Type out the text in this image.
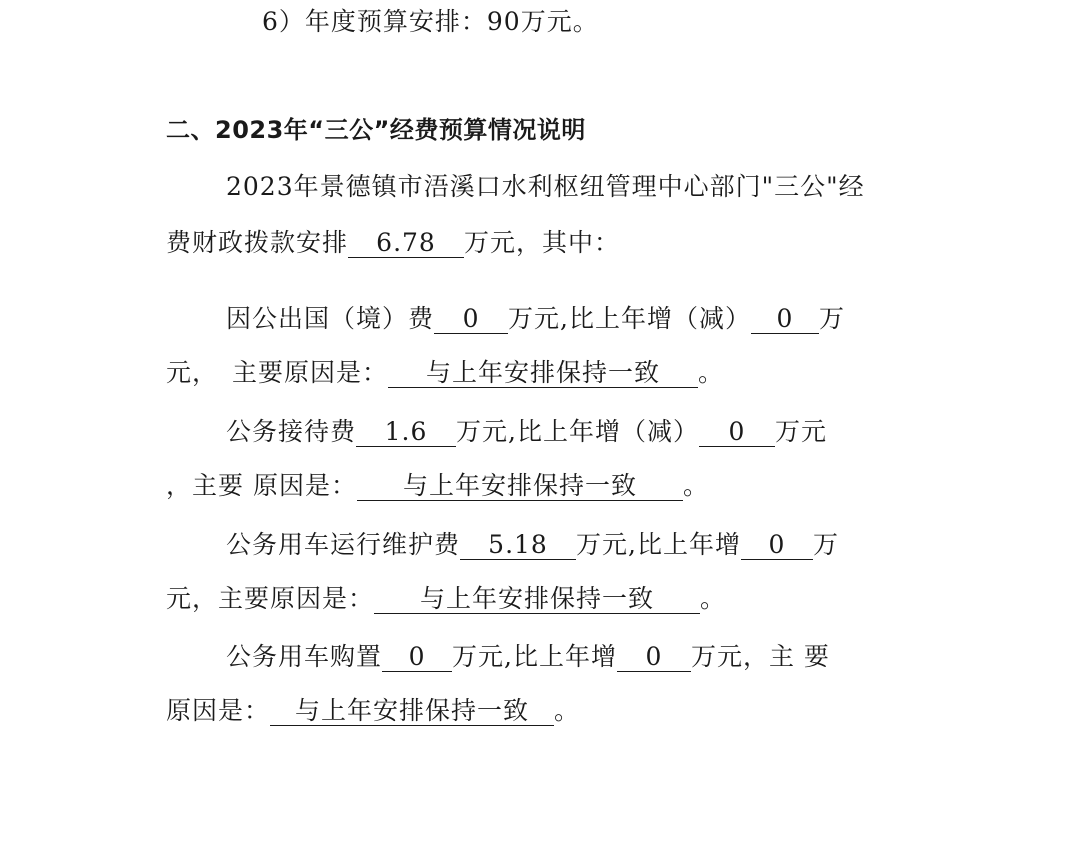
6）年度预算安排：90万元。
二、2023年“三公”经费预算情况说明
2023年景德镇市浯溪口水利枢纽管理中心部门"三公"经
费财政拨款安排 6.78 万元，其中：
因公出国（境）费 0 万元,比上年增（减） 0 万
元， 主要原因是： 与上年安排保持一致 。
公务接待费 1.6 万元,比上年增（减） 0 万元
，主要 原因是： 与上年安排保持一致 。
公务用车运行维护费 5.18 万元,比上年增 0 万
元，主要原因是： 与上年安排保持一致 。
公务用车购置 0 万元,比上年增 0 万元，主 要
原因是： 与上年安排保持一致 。
